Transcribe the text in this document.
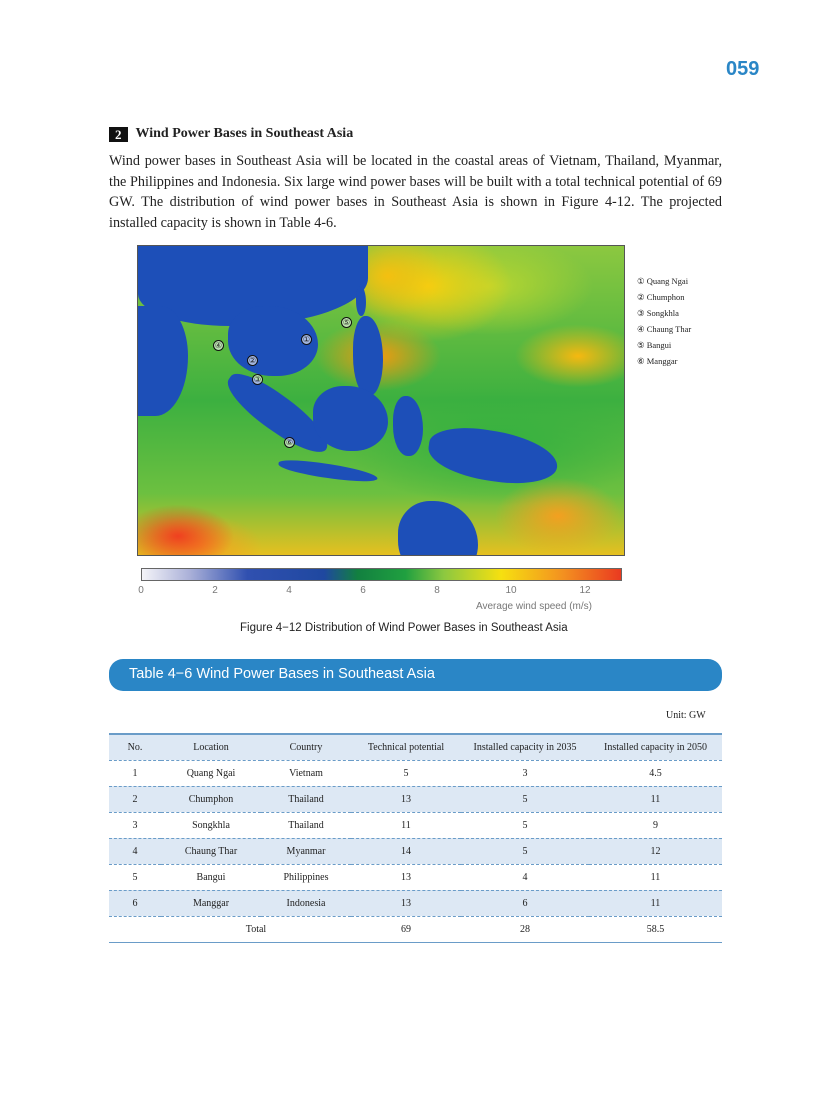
059
2	Wind Power Bases in Southeast Asia

Wind power bases in Southeast Asia will be located in the coastal areas of Vietnam, Thailand, Myanmar, the Philippines and Indonesia. Six large wind power bases will be built with a total technical potential of 69 GW. The distribution of wind power bases in Southeast Asia is shown in Figure 4-12. The projected installed capacity is shown in Table 4-6.

①
②
③
④
⑤
⑥
① Quang Ngai
② Chumphon
③ Songkhla
④ Chaung Thar
⑤ Bangui
⑥ Manggar
0	2	4	6	8	10	12
Average wind speed (m/s)
Figure 4−12 Distribution of Wind Power Bases in Southeast Asia
Table 4−6 Wind Power Bases in Southeast Asia
Unit: GW
No.	Location	Country	Technical potential	Installed capacity in 2035	Installed capacity in 2050
1	Quang Ngai	Vietnam	5	3	4.5
2	Chumphon	Thailand	13	5	11
3	Songkhla	Thailand	11	5	9
4	Chaung Thar	Myanmar	14	5	12
5	Bangui	Philippines	13	4	11
6	Manggar	Indonesia	13	6	11
	Total		69	28	58.5
